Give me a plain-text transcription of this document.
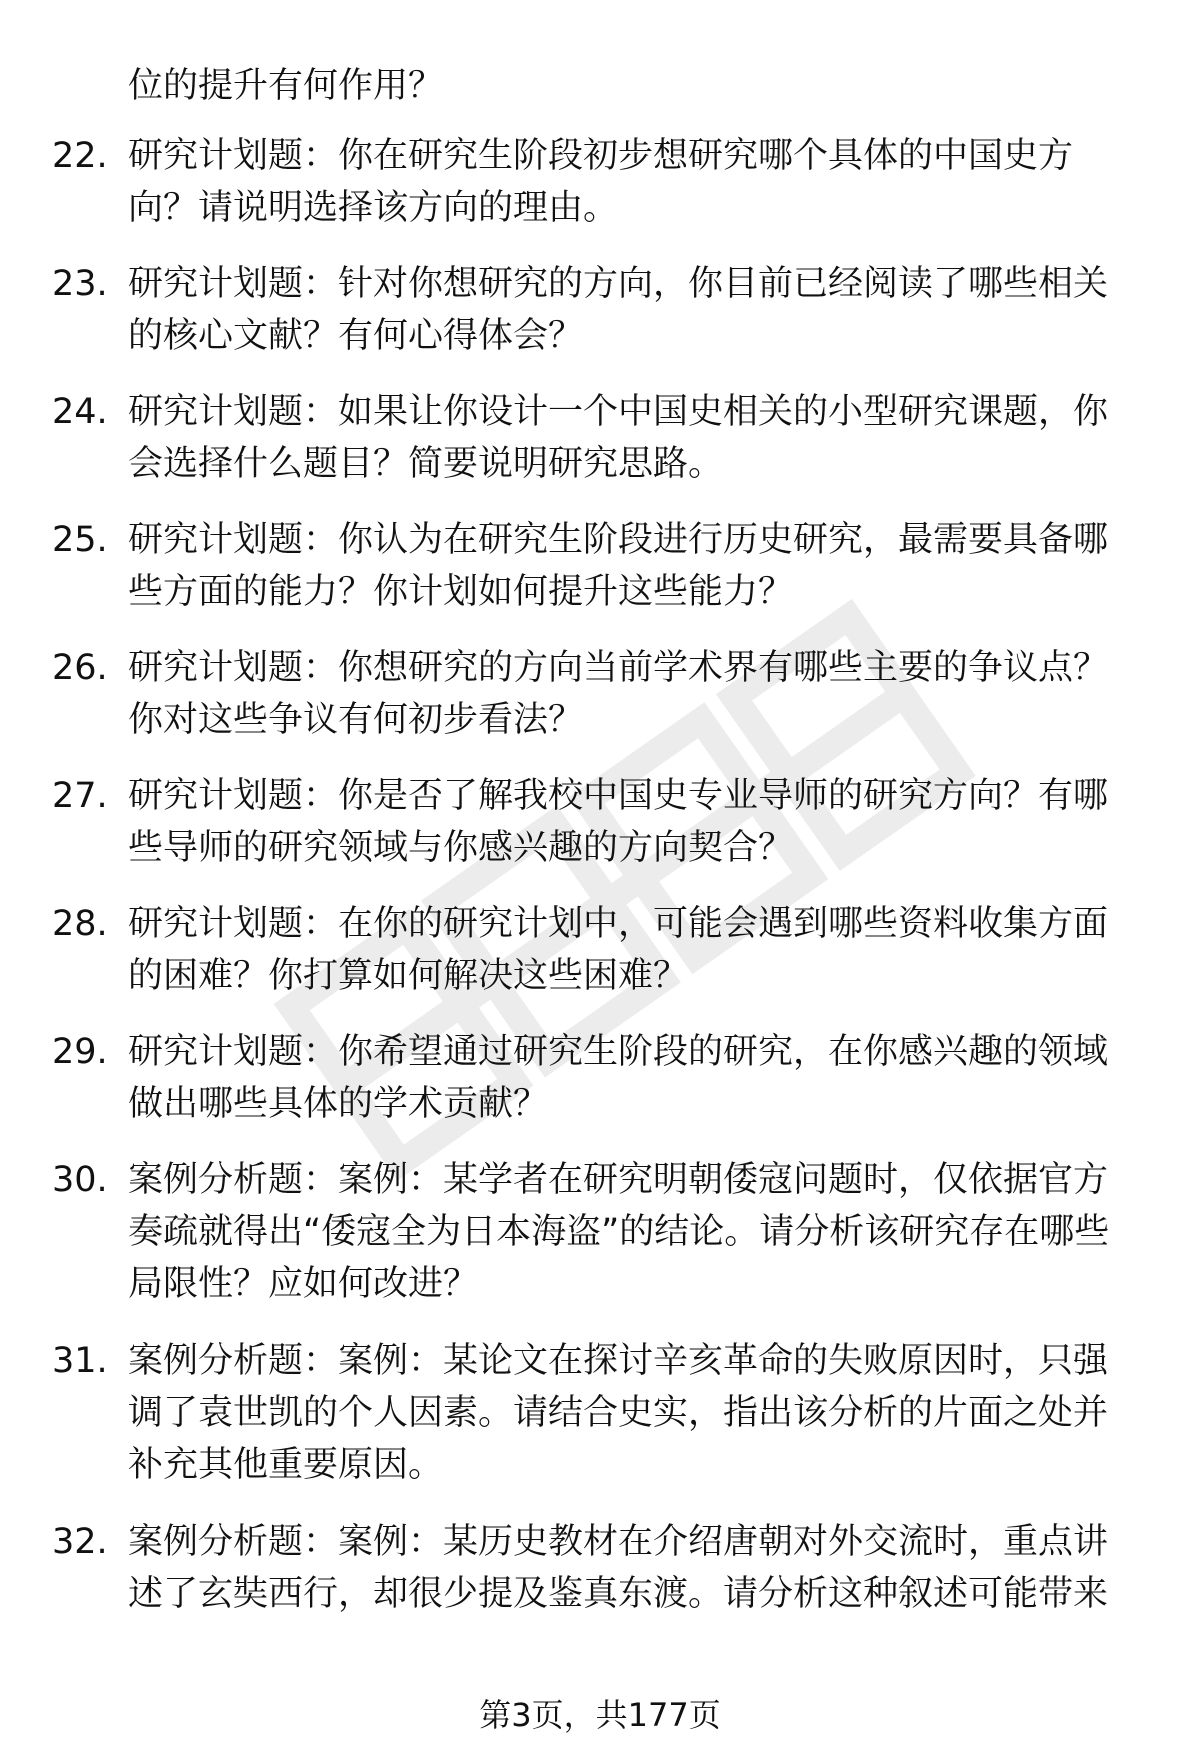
位的提升有何作用？

22. 研究计划题：你在研究生阶段初步想研究哪个具体的中国史方向？请说明选择该方向的理由。

23. 研究计划题：针对你想研究的方向，你目前已经阅读了哪些相关的核心文献？有何心得体会？

24. 研究计划题：如果让你设计一个中国史相关的小型研究课题，你会选择什么题目？简要说明研究思路。

25. 研究计划题：你认为在研究生阶段进行历史研究，最需要具备哪些方面的能力？你计划如何提升这些能力？

26. 研究计划题：你想研究的方向当前学术界有哪些主要的争议点？你对这些争议有何初步看法？

27. 研究计划题：你是否了解我校中国史专业导师的研究方向？有哪些导师的研究领域与你感兴趣的方向契合？

28. 研究计划题：在你的研究计划中，可能会遇到哪些资料收集方面的困难？你打算如何解决这些困难？

29. 研究计划题：你希望通过研究生阶段的研究，在你感兴趣的领域做出哪些具体的学术贡献？

30. 案例分析题：案例：某学者在研究明朝倭寇问题时，仅依据官方奏疏就得出“倭寇全为日本海盗”的结论。请分析该研究存在哪些局限性？应如何改进？

31. 案例分析题：案例：某论文在探讨辛亥革命的失败原因时，只强调了袁世凯的个人因素。请结合史实，指出该分析的片面之处并补充其他重要原因。

32. 案例分析题：案例：某历史教材在介绍唐朝对外交流时，重点讲述了玄奘西行，却很少提及鉴真东渡。请分析这种叙述可能带来

第3页，共177页
